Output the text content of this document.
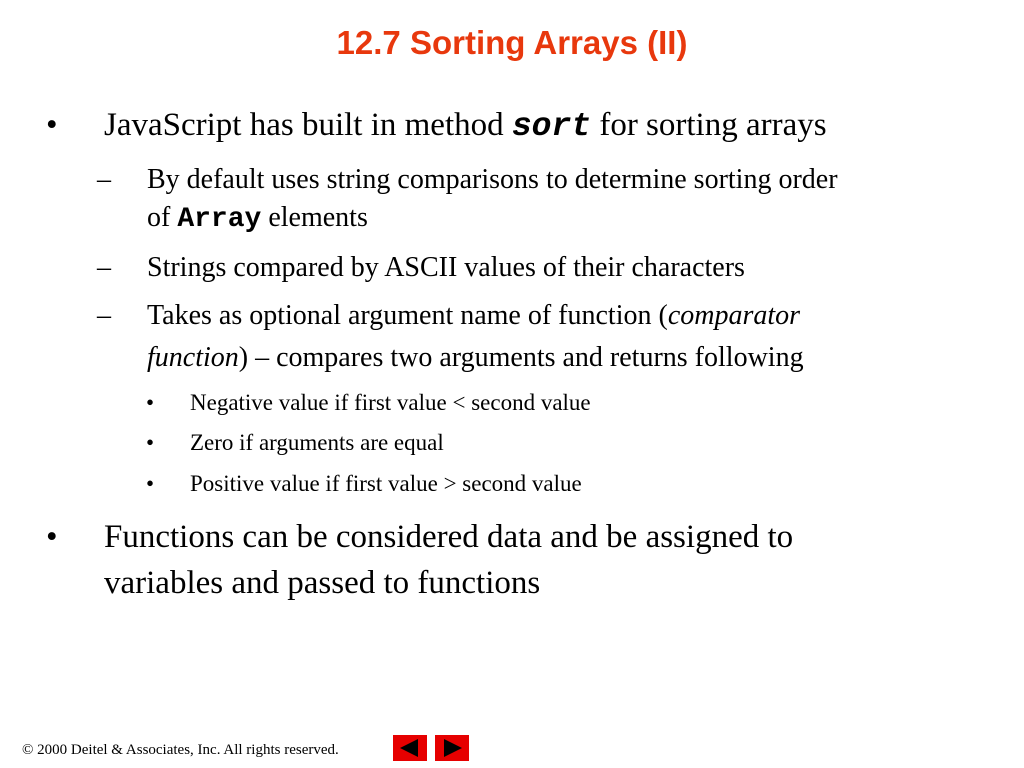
12.7 Sorting Arrays (II)
• JavaScript has built in method sort for sorting arrays
– By default uses string comparisons to determine sorting order
of Array elements
– Strings compared by ASCII values of their characters
– Takes as optional argument name of function (comparator
function) – compares two arguments and returns following
• Negative value if first value < second value
• Zero if arguments are equal
• Positive value if first value > second value
• Functions can be considered data and be assigned to
variables and passed to functions
© 2000 Deitel & Associates, Inc. All rights reserved.
